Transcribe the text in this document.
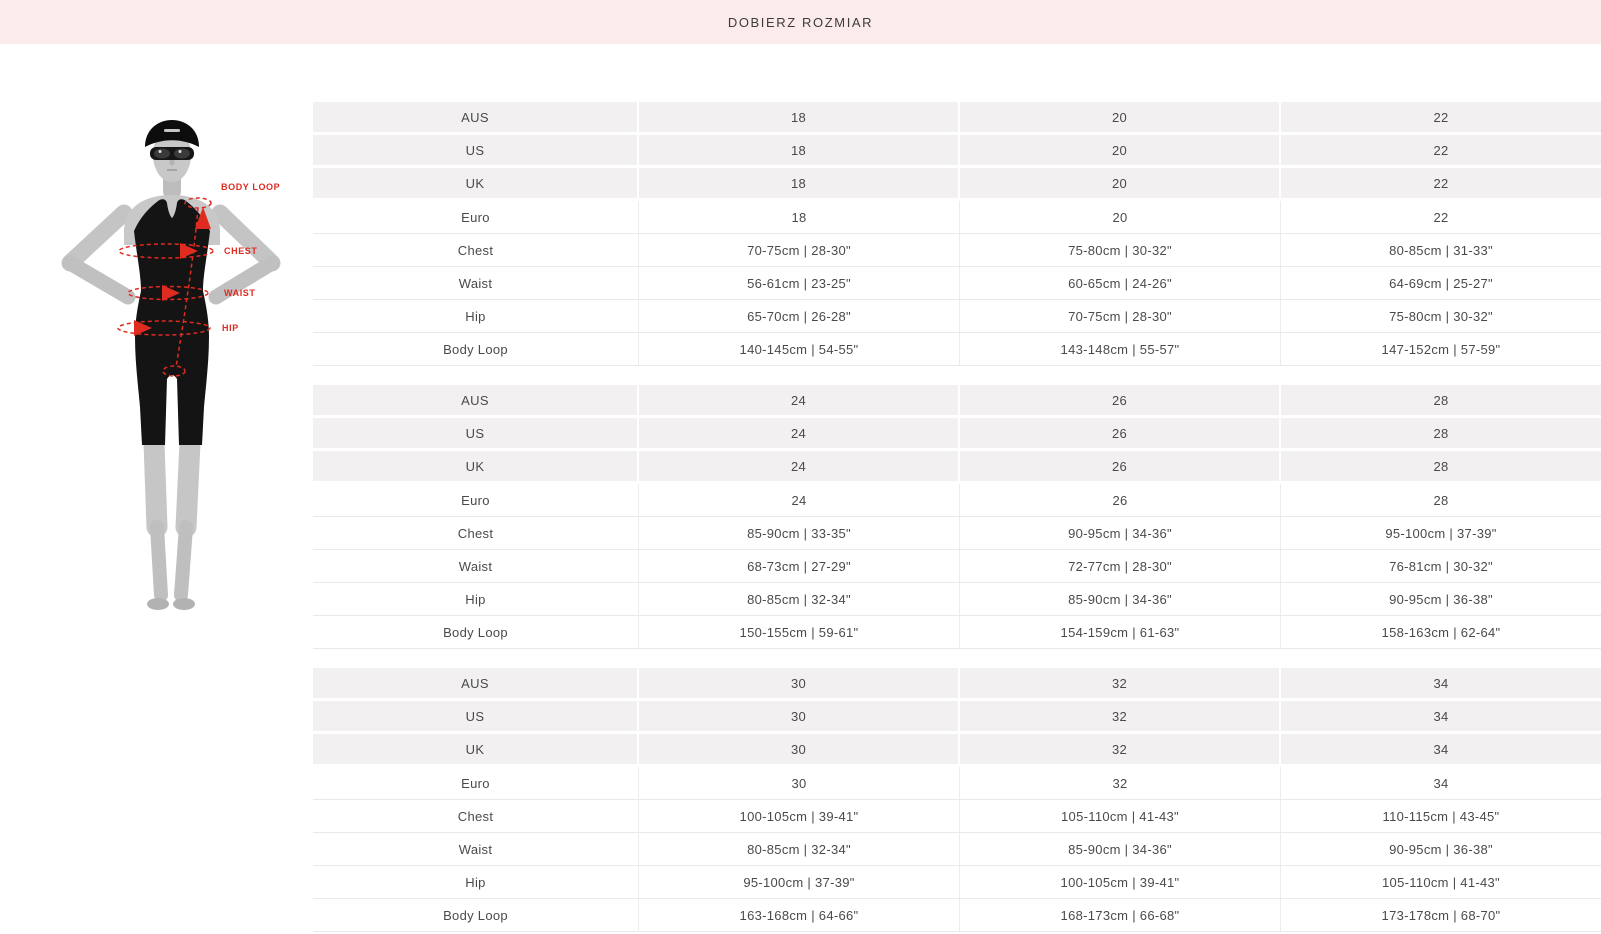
DOBIERZ ROZMIAR
BODY LOOP
CHEST
WAIST
HIP
AUS	18	20	22
US	18	20	22
UK	18	20	22
Euro	18	20	22
Chest	70-75cm | 28-30"	75-80cm | 30-32"	80-85cm | 31-33"
Waist	56-61cm | 23-25"	60-65cm | 24-26"	64-69cm | 25-27"
Hip	65-70cm | 26-28"	70-75cm | 28-30"	75-80cm | 30-32"
Body Loop	140-145cm | 54-55"	143-148cm | 55-57"	147-152cm | 57-59"
AUS	24	26	28
US	24	26	28
UK	24	26	28
Euro	24	26	28
Chest	85-90cm | 33-35"	90-95cm | 34-36"	95-100cm | 37-39"
Waist	68-73cm | 27-29"	72-77cm | 28-30"	76-81cm | 30-32"
Hip	80-85cm | 32-34"	85-90cm | 34-36"	90-95cm | 36-38"
Body Loop	150-155cm | 59-61"	154-159cm | 61-63"	158-163cm | 62-64"
AUS	30	32	34
US	30	32	34
UK	30	32	34
Euro	30	32	34
Chest	100-105cm | 39-41"	105-110cm | 41-43"	110-115cm | 43-45"
Waist	80-85cm | 32-34"	85-90cm | 34-36"	90-95cm | 36-38"
Hip	95-100cm | 37-39"	100-105cm | 39-41"	105-110cm | 41-43"
Body Loop	163-168cm | 64-66"	168-173cm | 66-68"	173-178cm | 68-70"
